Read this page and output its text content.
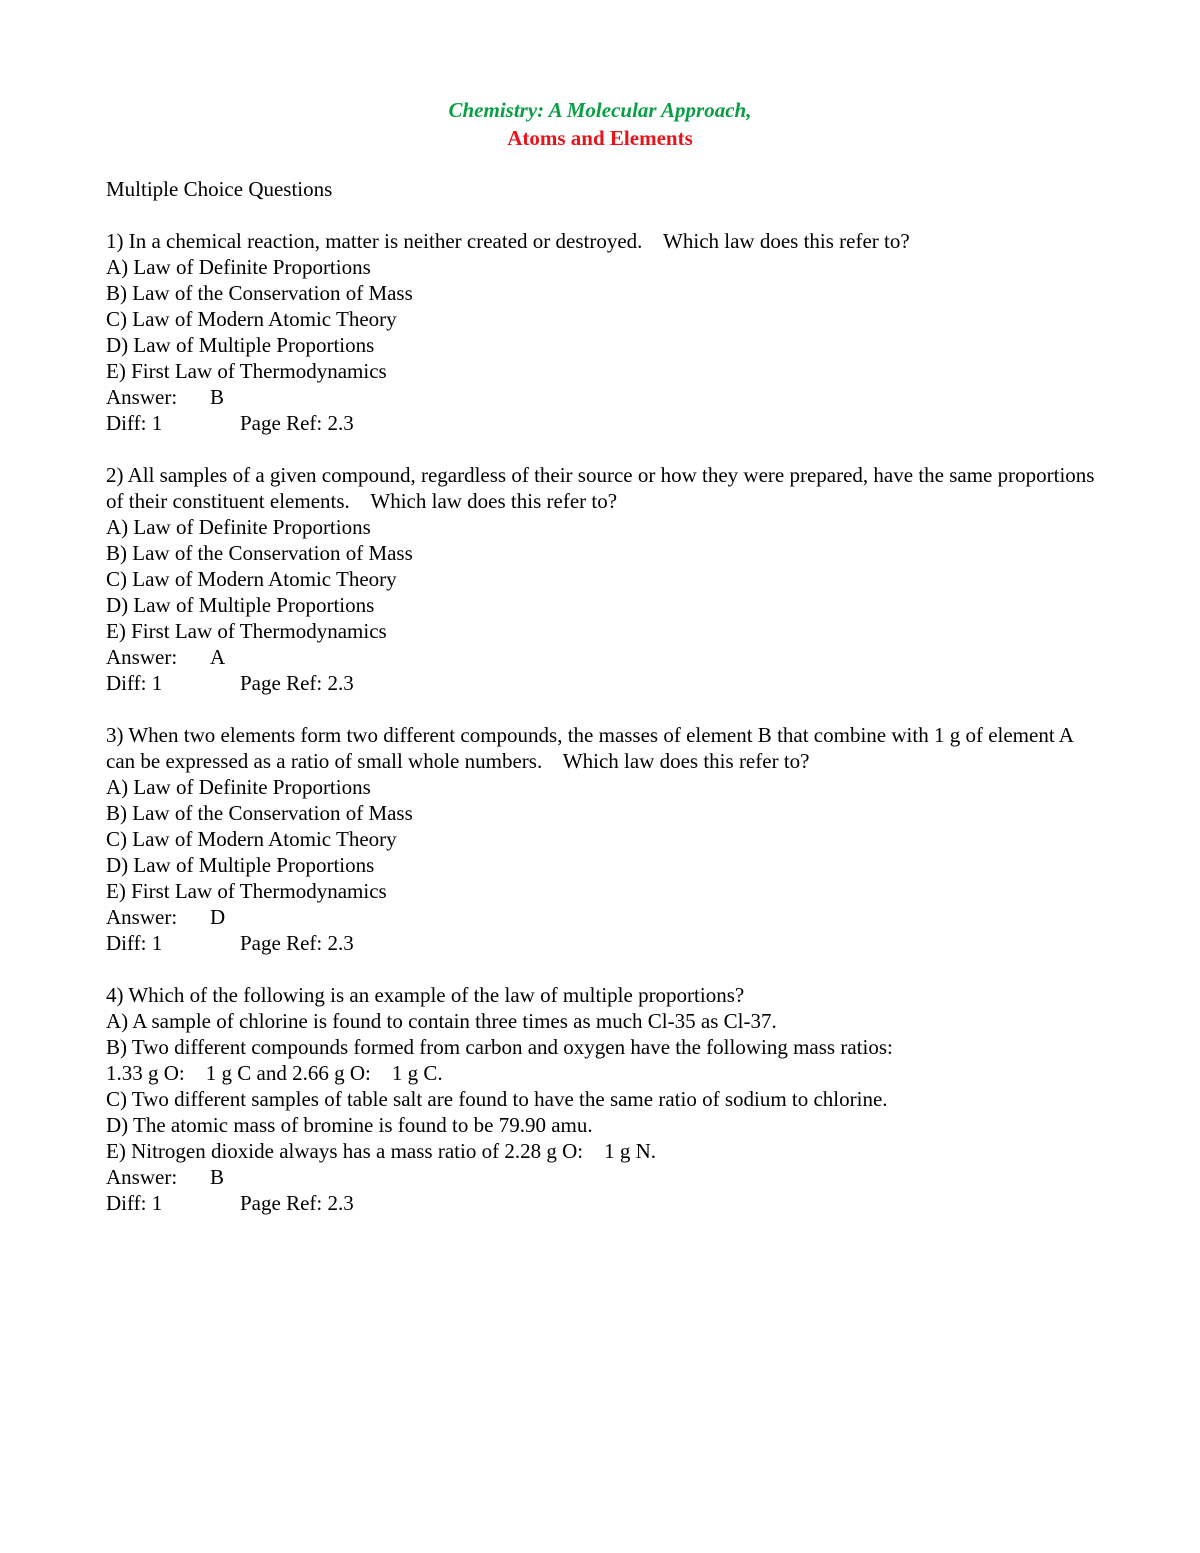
Chemistry: A Molecular Approach,
Atoms and Elements
Multiple Choice Questions
1) In a chemical reaction, matter is neither created or destroyed.    Which law does this refer to?
A) Law of Definite Proportions
B) Law of the Conservation of Mass
C) Law of Modern Atomic Theory
D) Law of Multiple Proportions
E) First Law of Thermodynamics
Answer: B
Diff: 1	Page Ref: 2.3
2) All samples of a given compound, regardless of their source or how they were prepared, have the same proportions of their constituent elements.    Which law does this refer to?
A) Law of Definite Proportions
B) Law of the Conservation of Mass
C) Law of Modern Atomic Theory
D) Law of Multiple Proportions
E) First Law of Thermodynamics
Answer: A
Diff: 1	Page Ref: 2.3
3) When two elements form two different compounds, the masses of element B that combine with 1 g of element A can be expressed as a ratio of small whole numbers.    Which law does this refer to?
A) Law of Definite Proportions
B) Law of the Conservation of Mass
C) Law of Modern Atomic Theory
D) Law of Multiple Proportions
E) First Law of Thermodynamics
Answer: D
Diff: 1	Page Ref: 2.3
4) Which of the following is an example of the law of multiple proportions?
A) A sample of chlorine is found to contain three times as much Cl-35 as Cl-37.
B) Two different compounds formed from carbon and oxygen have the following mass ratios:
1.33 g O:    1 g C and 2.66 g O:    1 g C.
C) Two different samples of table salt are found to have the same ratio of sodium to chlorine.
D) The atomic mass of bromine is found to be 79.90 amu.
E) Nitrogen dioxide always has a mass ratio of 2.28 g O:    1 g N.
Answer: B
Diff: 1	Page Ref: 2.3
